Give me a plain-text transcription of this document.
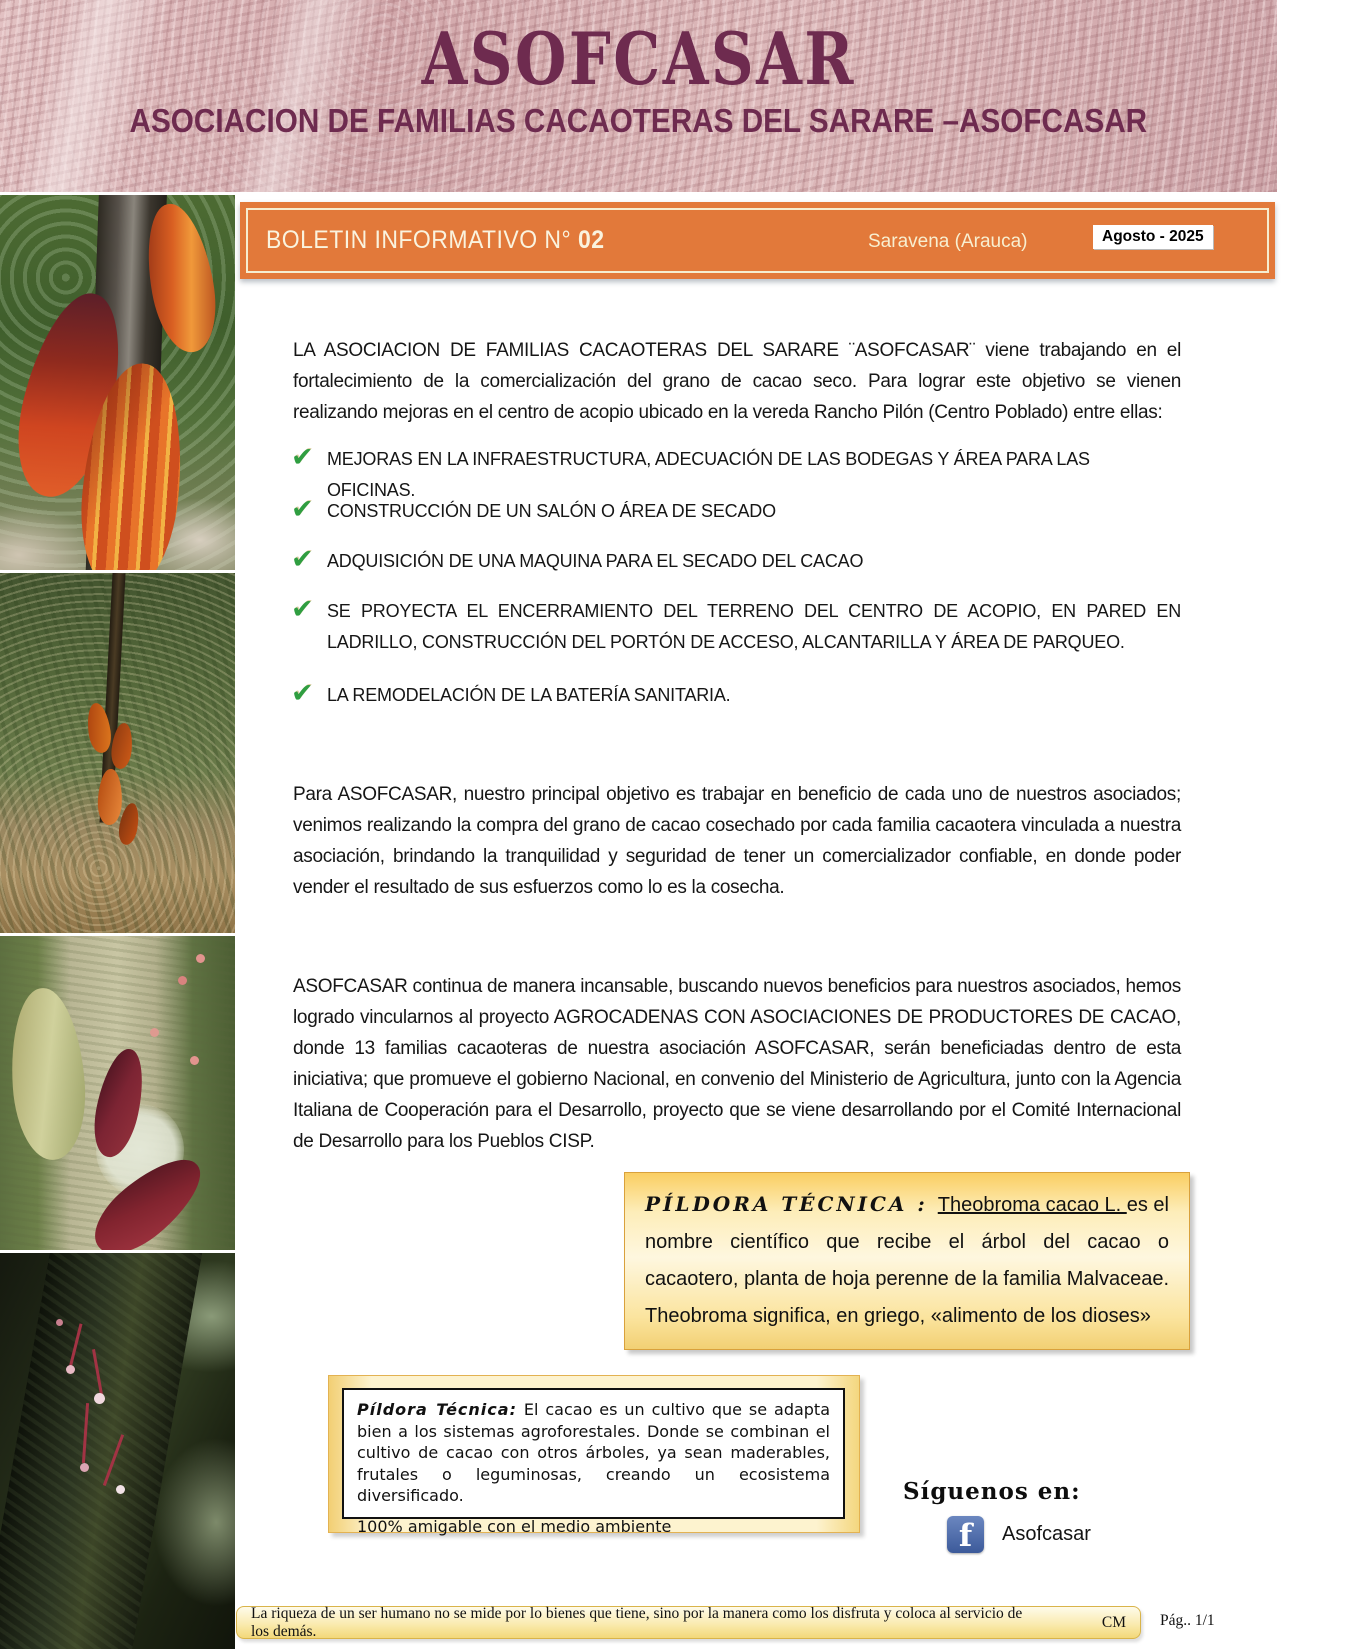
ASOFCASAR
ASOCIACION DE FAMILIAS CACAOTERAS DEL SARARE –ASOFCASAR
BOLETIN INFORMATIVO N° 02	Saravena (Arauca)	Agosto - 2025

LA ASOCIACION DE FAMILIAS CACAOTERAS DEL SARARE ¨ASOFCASAR¨ viene trabajando en el fortalecimiento de la comercialización del grano de cacao seco. Para lograr este objetivo se vienen realizando mejoras en el centro de acopio ubicado en la vereda Rancho Pilón (Centro Poblado) entre ellas:

✔ MEJORAS EN LA INFRAESTRUCTURA, ADECUACIÓN DE LAS BODEGAS Y ÁREA PARA LAS OFICINAS.
✔ CONSTRUCCIÓN DE UN SALÓN O ÁREA DE SECADO
✔ ADQUISICIÓN DE UNA MAQUINA PARA EL SECADO DEL CACAO
✔ SE PROYECTA EL ENCERRAMIENTO DEL TERRENO DEL CENTRO DE ACOPIO, EN PARED EN LADRILLO, CONSTRUCCIÓN DEL PORTÓN DE ACCESO, ALCANTARILLA Y ÁREA DE PARQUEO.
✔ LA REMODELACIÓN DE LA BATERÍA SANITARIA.

Para ASOFCASAR, nuestro principal objetivo es trabajar en beneficio de cada uno de nuestros asociados; venimos realizando la compra del grano de cacao cosechado por cada familia cacaotera vinculada a nuestra asociación, brindando la tranquilidad y seguridad de tener un comercializador confiable, en donde poder vender el resultado de sus esfuerzos como lo es la cosecha.

ASOFCASAR continua de manera incansable, buscando nuevos beneficios para nuestros asociados, hemos logrado vincularnos al proyecto AGROCADENAS CON ASOCIACIONES DE PRODUCTORES DE CACAO, donde 13 familias cacaoteras de nuestra asociación ASOFCASAR, serán beneficiadas dentro de esta iniciativa; que promueve el gobierno Nacional, en convenio del Ministerio de Agricultura, junto con la Agencia Italiana de Cooperación para el Desarrollo, proyecto que se viene desarrollando por el Comité Internacional de Desarrollo para los Pueblos CISP.

PÍLDORA TÉCNICA : Theobroma cacao L. es el nombre científico que recibe el árbol del cacao o cacaotero, planta de hoja perenne de la familia Malvaceae. Theobroma significa, en griego, «alimento de los dioses»
Píldora Técnica: El cacao es un cultivo que se adapta bien a los sistemas agroforestales. Donde se combinan el cultivo de cacao con otros árboles, ya sean maderables, frutales o leguminosas, creando un ecosistema diversificado.
100% amigable con el medio ambiente
Síguenos en:
f	Asofcasar
La riqueza de un ser humano no se mide por lo bienes que tiene, sino por la manera como los disfruta y coloca al servicio de los demás.
CM Pág.. 1/1
